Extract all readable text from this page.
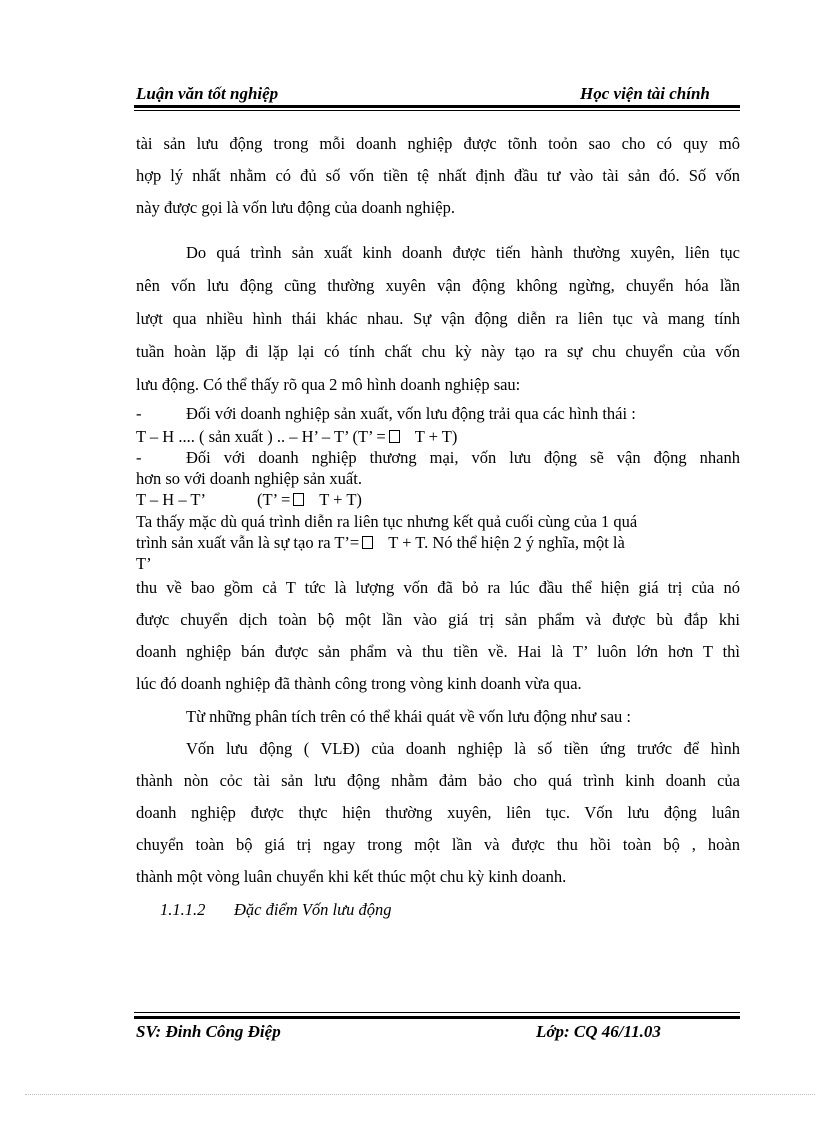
Luận văn tốt nghiệp	Học viện tài chính
tài sản lưu động trong mỗi doanh nghiệp được tõnh toỏn sao cho có quy mô
hợp lý nhất nhằm có đủ số vốn tiền tệ nhất định đầu tư vào tài sản đó. Số vốn
này được gọi là vốn lưu động của doanh nghiệp.
Do quá trình sản xuất kinh doanh được tiến hành thường xuyên, liên tục
nên vốn lưu động cũng thường xuyên vận động không ngừng, chuyển hóa lần
lượt qua nhiều hình thái khác nhau. Sự vận động diễn ra liên tục và mang tính
tuần hoàn lặp đi lặp lại có tính chất chu kỳ này tạo ra sự chu chuyển của vốn
lưu động. Có thể thấy rõ qua 2 mô hình doanh nghiệp sau:
-	Đối với doanh nghiệp sản xuất, vốn lưu động trải qua các hình thái :
T – H .... ( sản xuất ) .. – H’ – T’ (T’ = T + T)
-	Đối với doanh nghiệp thương mại, vốn lưu động sẽ vận động nhanh
hơn so với doanh nghiệp sản xuất.
T – H – T’	(T’ = T + T)
Ta thấy mặc dù quá trình diễn ra liên tục nhưng kết quả cuối cùng của 1 quá
trình sản xuất vẫn là sự tạo ra T’= T + T. Nó thể hiện 2 ý nghĩa, một là
T’
thu về bao gồm cả T tức là lượng vốn đã bỏ ra lúc đầu thể hiện giá trị của nó
được chuyển dịch toàn bộ một lần vào giá trị sản phẩm và được bù đắp khi
doanh nghiệp bán được sản phẩm và thu tiền về. Hai là T’ luôn lớn hơn T thì
lúc đó doanh nghiệp đã thành công trong vòng kinh doanh vừa qua.
Từ những phân tích trên có thể khái quát về vốn lưu động như sau :
Vốn lưu động ( VLĐ) của doanh nghiệp là số tiền ứng trước để hình
thành nòn cỏc tài sản lưu động nhằm đảm bảo cho quá trình kinh doanh của
doanh nghiệp được thực hiện thường xuyên, liên tục. Vốn lưu động luân
chuyển toàn bộ giá trị ngay trong một lần và được thu hồi toàn bộ , hoàn
thành một vòng luân chuyển khi kết thúc một chu kỳ kinh doanh.
1.1.1.2 Đặc điểm Vốn lưu động
SV: Đinh Công Điệp	Lớp: CQ 46/11.03
